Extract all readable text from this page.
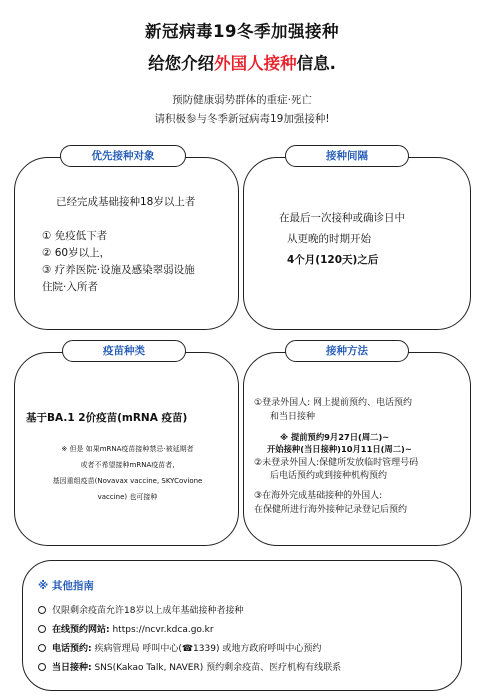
新冠病毒19冬季加强接种
给您介绍外国人接种信息.
预防健康弱势群体的重症·死亡
请积极参与冬季新冠病毒19加强接种!
优先接种对象
已经完成基础接种18岁以上者
① 免疫低下者
② 60岁以上，
③ 疗养医院·设施及感染翠弱设施
住院·入所者
接种间隔
在最后一次接种或确诊日中
从更晚的时期开始
4个月(120天)之后
疫苗种类
基于BA.1 2价疫苗(mRNA 疫苗)
※ 但是 如果mRNA疫苗接种禁忌·被延期者
或者不希望接种mRNA疫苗者,
基因重组疫苗(Novavax vaccine, SKYCovione
vaccine) 也可接种
接种方法
①登录外国人: 网上提前预约、电话预约
和当日接种
※ 提前预约9月27日(周二)~
开始接种(当日接种)10月11日(周二)~
②未登录外国人:保健所发放临时管理号码
后电话预约或到接种机构预约
③在海外完成基础接种的外国人:
在保健所进行海外接种记录登记后预约
※ 其他指南
仅限剩余疫苗允许18岁以上成年基础接种者接种
在线预约网站: https://ncvr.kdca.go.kr
电话预约: 疾病管理局 呼叫中心(☎1339) 或地方政府呼叫中心预约
当日接种: SNS(Kakao Talk, NAVER) 预约剩余疫苗、医疗机构有线联系
